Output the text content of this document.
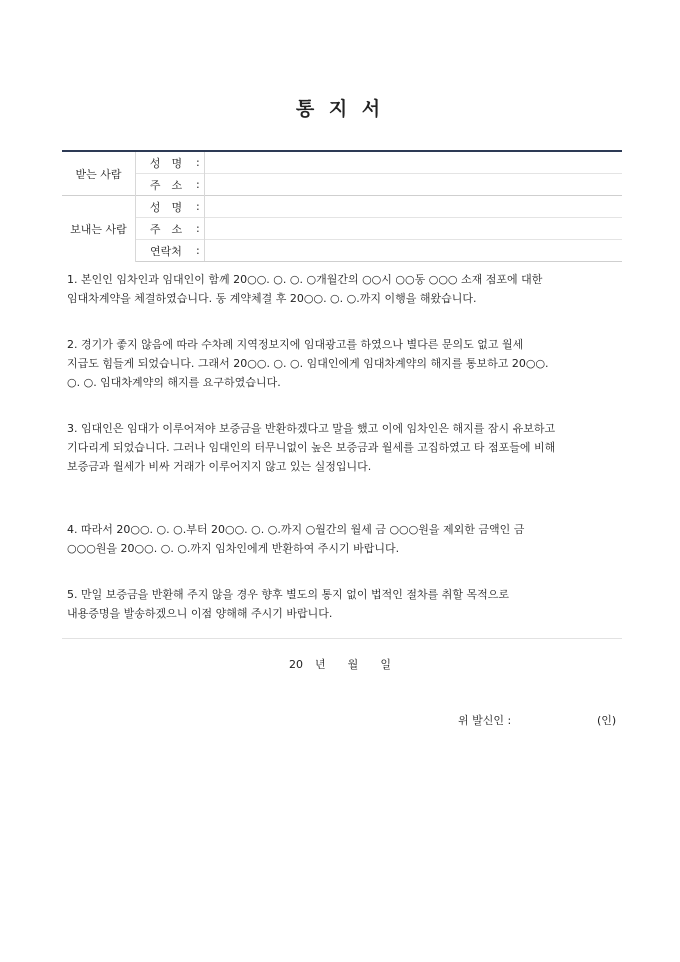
통 지 서
받는 사람	성　명	:	
	주　소	:	
보내는 사람	성　명	:	
	주　소	:	
	연락처	:	
1. 본인인 임차인과 임대인이 함께 20○○. ○. ○. ○개월간의 ○○시 ○○동 ○○○ 소재 점포에 대한
임대차계약을 체결하였습니다. 동 계약체결 후 20○○. ○. ○.까지 이행을 해왔습니다.
2. 경기가 좋지 않음에 따라 수차례 지역정보지에 임대광고를 하였으나 별다른 문의도 없고 월세
지급도 힘들게 되었습니다. 그래서 20○○. ○. ○. 임대인에게 임대차계약의 해지를 통보하고 20○○.
○. ○. 임대차계약의 해지를 요구하였습니다.
3. 임대인은 임대가 이루어져야 보증금을 반환하겠다고 말을 했고 이에 임차인은 해지를 잠시 유보하고
기다리게 되었습니다. 그러나 임대인의 터무니없이 높은 보증금과 월세를 고집하였고 타 점포들에 비해
보증금과 월세가 비싸 거래가 이루어지지 않고 있는 실정입니다.
4. 따라서 20○○. ○. ○.부터 20○○. ○. ○.까지 ○월간의 월세 금 ○○○원을 제외한 금액인 금
○○○원을 20○○. ○. ○.까지 임차인에게 반환하여 주시기 바랍니다.
5. 만일 보증금을 반환해 주지 않을 경우 향후 별도의 통지 없이 법적인 절차를 취할 목적으로
내용증명을 발송하겠으니 이점 양해해 주시기 바랍니다.
20 년 월 일
위 발신인 :	(인)
